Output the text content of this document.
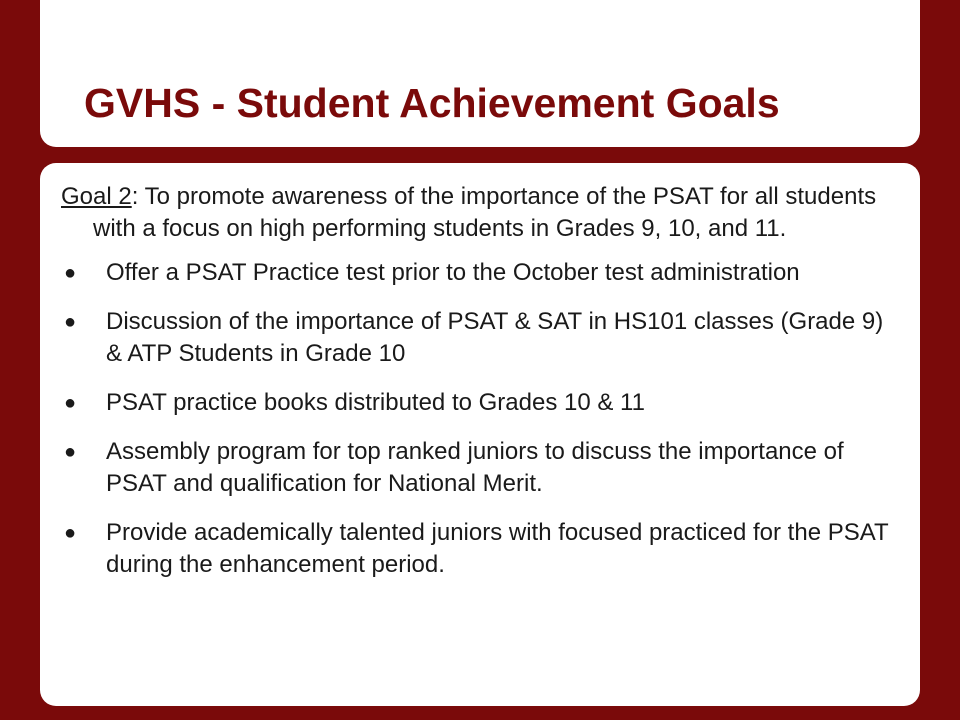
GVHS - Student Achievement Goals

Goal 2: To promote awareness of the importance of the PSAT for all students with a focus on high performing students in Grades 9, 10, and 11.

● Offer a PSAT Practice test prior to the October test administration
● Discussion of the importance of PSAT & SAT in HS101 classes (Grade 9) & ATP Students in Grade 10
● PSAT practice books distributed to Grades 10 & 11
● Assembly program for top ranked juniors to discuss the importance of PSAT and qualification for National Merit.
● Provide academically talented juniors with focused practiced for the PSAT during the enhancement period.
